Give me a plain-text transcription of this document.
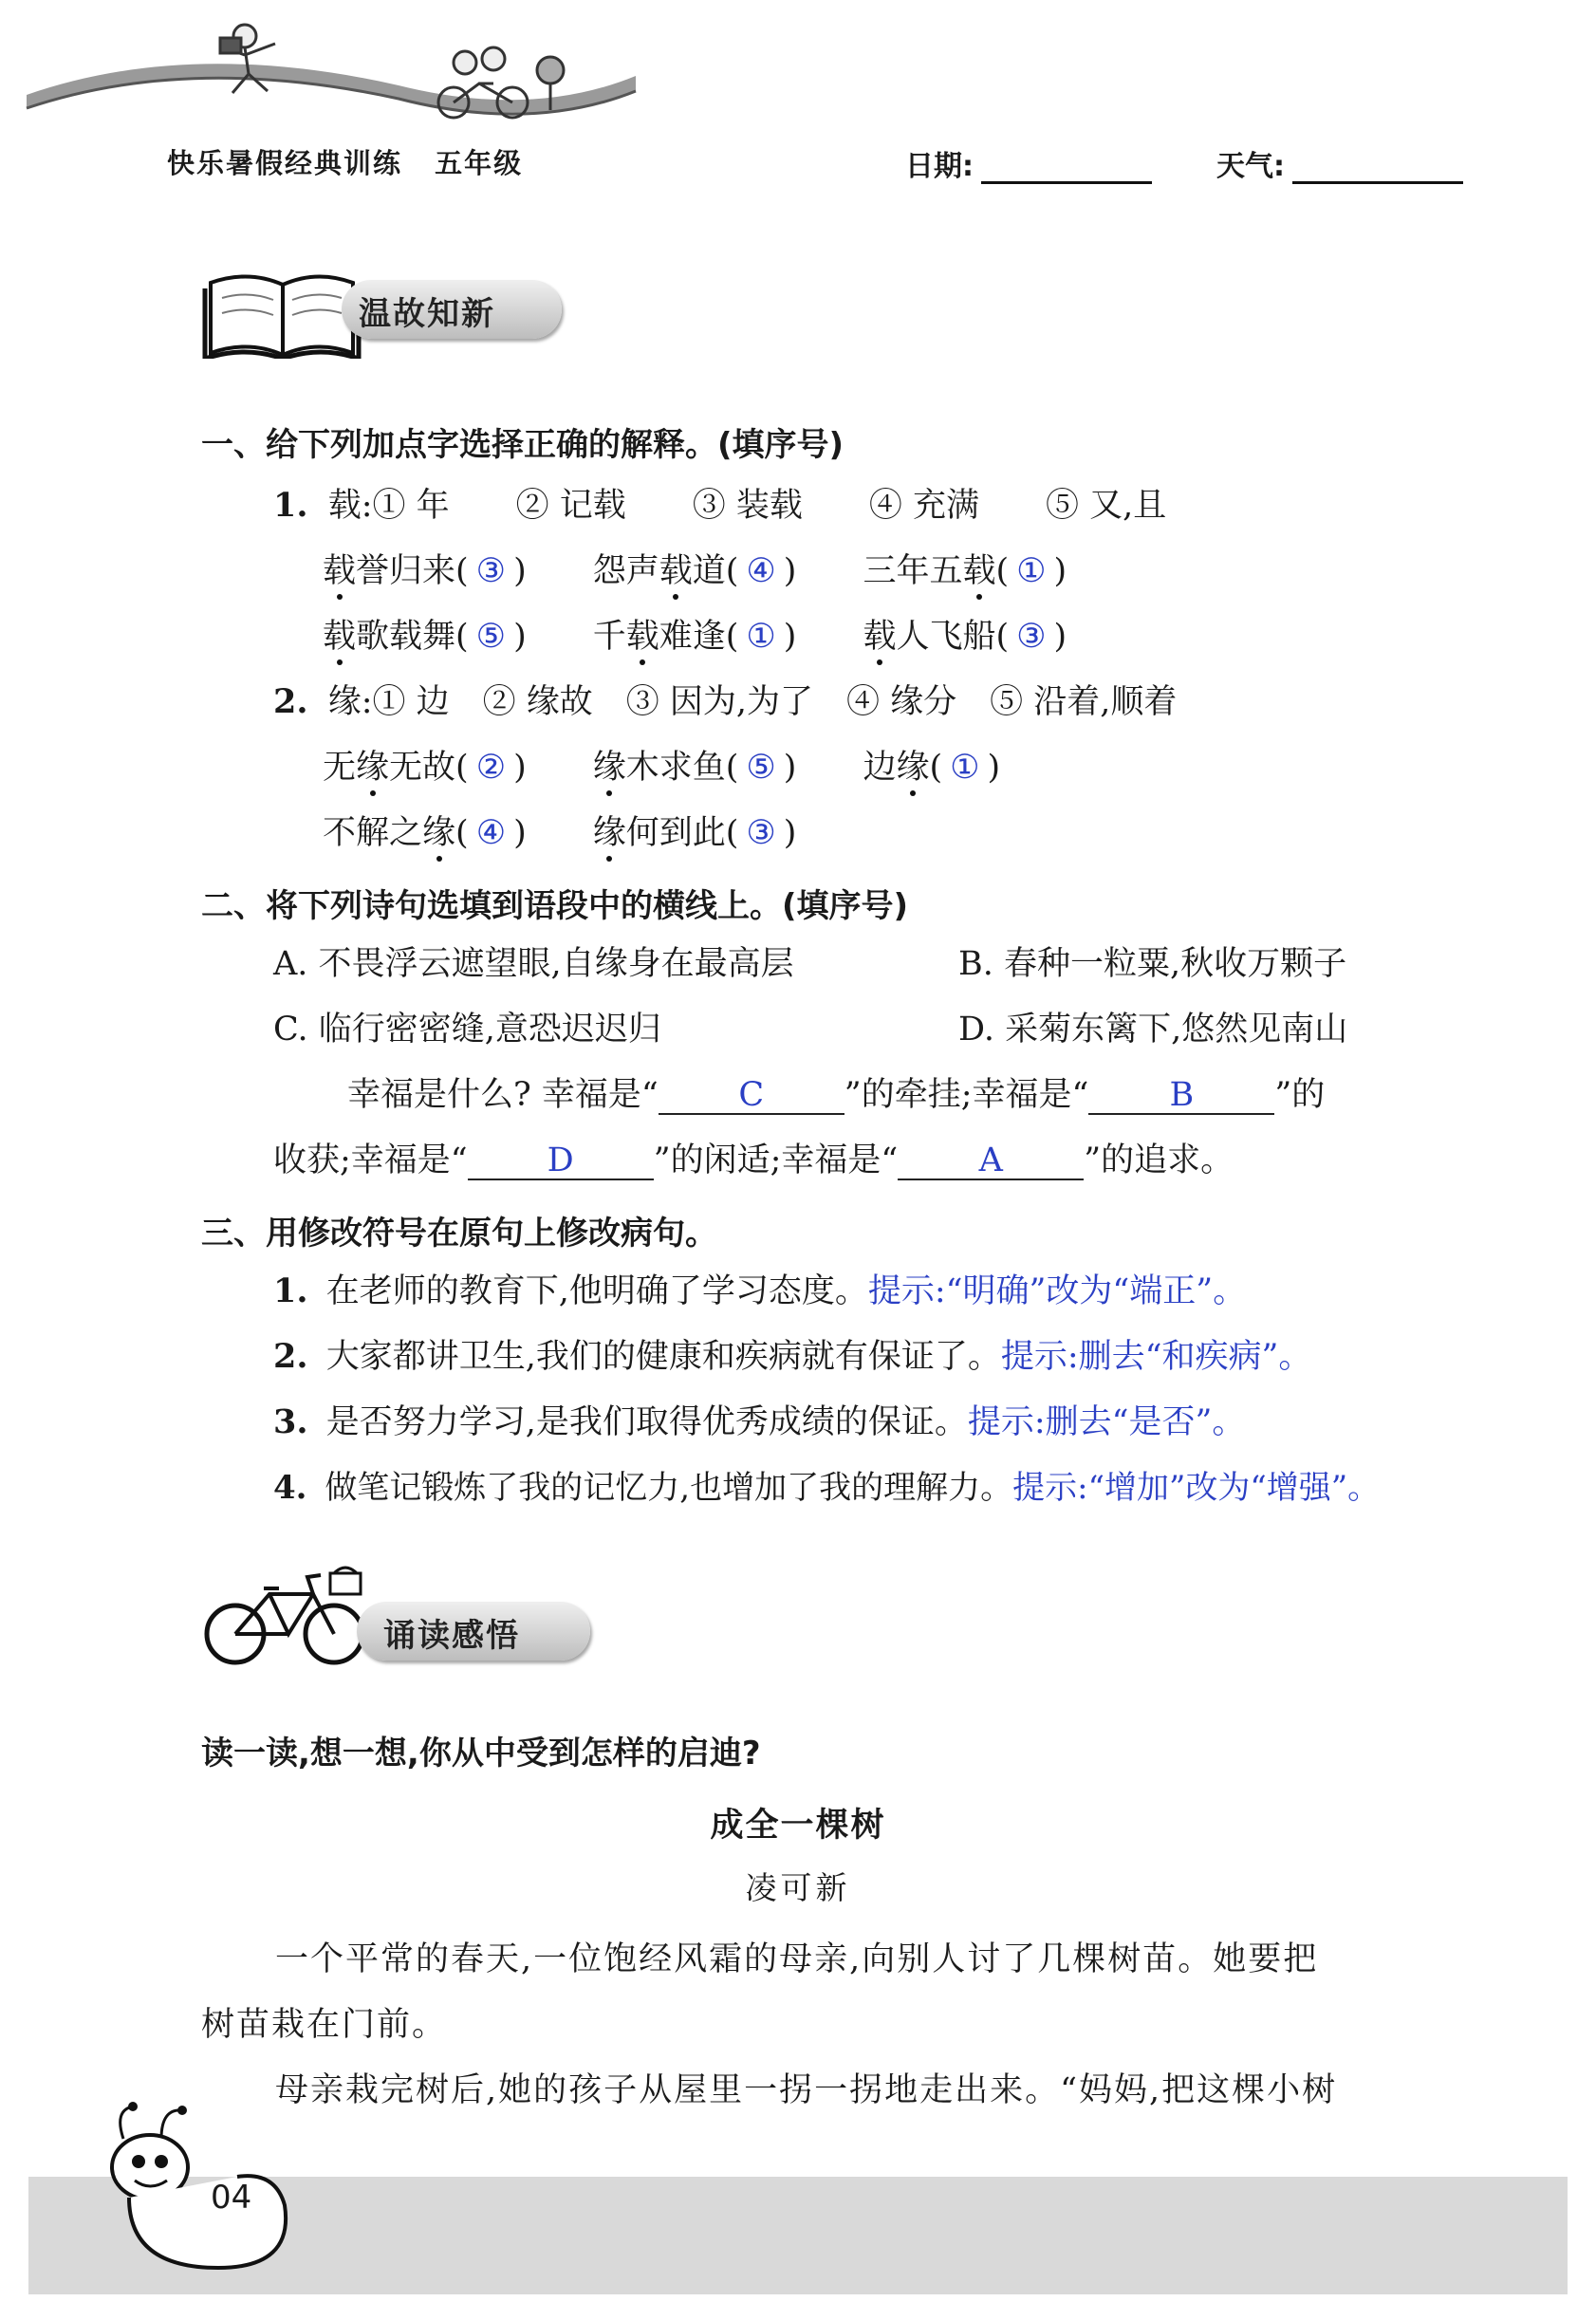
快乐暑假经典训练 五年级	日期:	天气:
温故知新
一、给下列加点字选择正确的解释。(填序号)
1. 载:① 年　　② 记载　　③ 装载　　④ 充满　　⑤ 又,且
载誉归来( ③ ) 怨声载道( ④ ) 三年五载( ① )
载歌载舞( ⑤ ) 千载难逢( ① ) 载人飞船( ③ )
2. 缘:① 边　② 缘故　③ 因为,为了　④ 缘分　⑤ 沿着,顺着
无缘无故( ② ) 缘木求鱼( ⑤ ) 边缘( ① )
不解之缘( ④ ) 缘何到此( ③ )
二、将下列诗句选填到语段中的横线上。(填序号)
A. 不畏浮云遮望眼,自缘身在最高层	B. 春种一粒粟,秋收万颗子
C. 临行密密缝,意恐迟迟归	D. 采菊东篱下,悠然见南山
幸福是什么? 幸福是“ C ”的牵挂;幸福是“ B ”的
收获;幸福是“ D ”的闲适;幸福是“ A ”的追求。
三、用修改符号在原句上修改病句。
1. 在老师的教育下,他明确了学习态度。提示:“明确”改为“端正”。
2. 大家都讲卫生,我们的健康和疾病就有保证了。提示:删去“和疾病”。
3. 是否努力学习,是我们取得优秀成绩的保证。提示:删去“是否”。
4. 做笔记锻炼了我的记忆力,也增加了我的理解力。提示:“增加”改为“增强”。
诵读感悟
读一读,想一想,你从中受到怎样的启迪?
成全一棵树
凌可新
一个平常的春天,一位饱经风霜的母亲,向别人讨了几棵树苗。她要把
树苗栽在门前。
母亲栽完树后,她的孩子从屋里一拐一拐地走出来。“妈妈,把这棵小树
04
